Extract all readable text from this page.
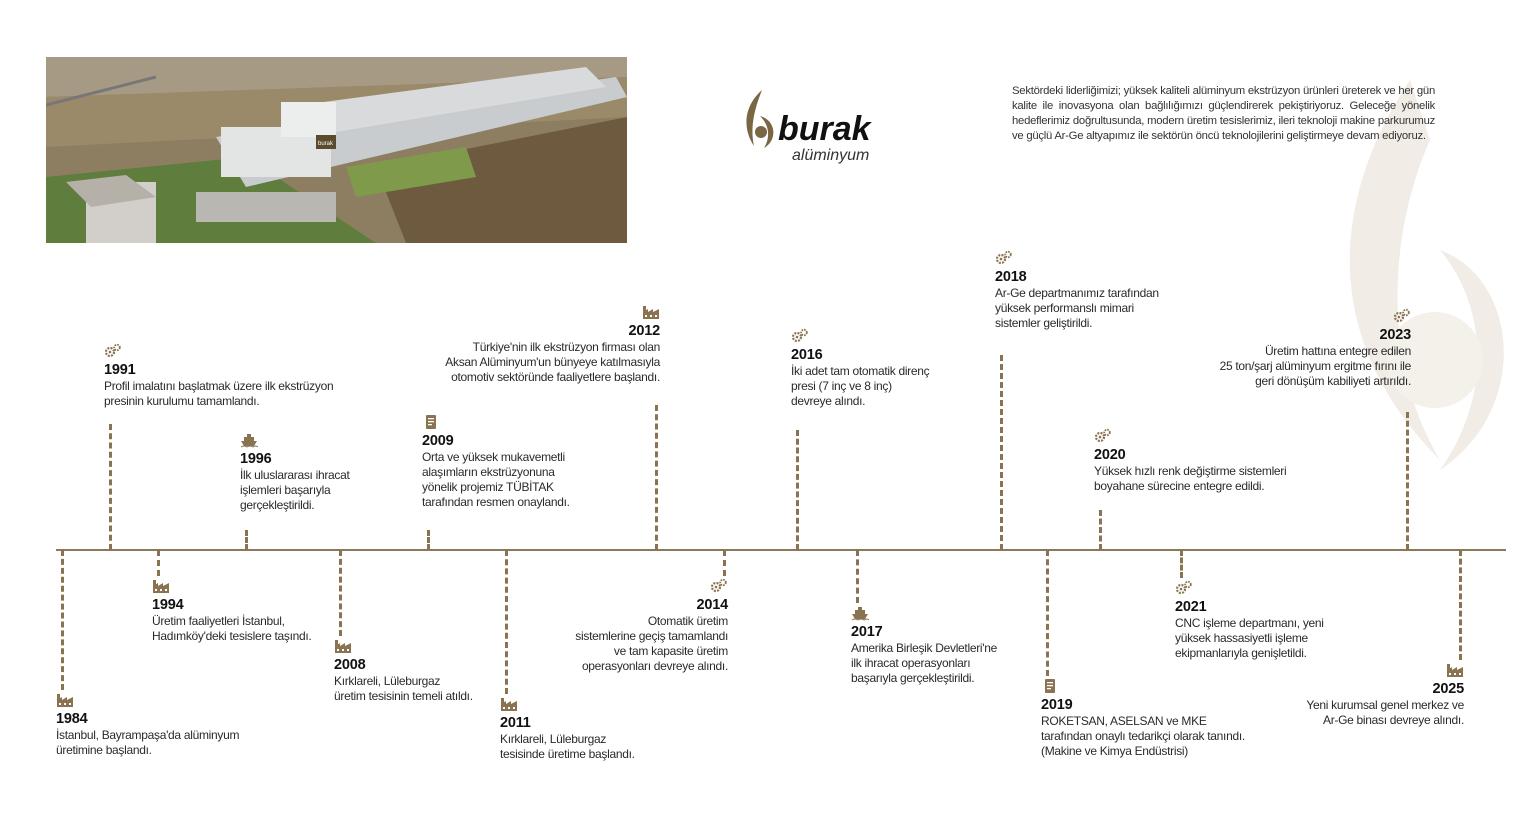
burak	burak
alüminyum
Sektördeki liderliğimizi; yüksek kaliteli alüminyum ekstrüzyon ürünleri üreterek ve her gün kalite ile inovasyona olan bağlılığımızı güçlendirerek pekiştiriyoruz. Geleceğe yönelik hedeflerimiz doğrultusunda, modern üretim tesislerimiz, ileri teknoloji makine parkurumuz ve güçlü Ar-Ge altyapımız ile sektörün öncü teknolojilerini geliştirmeye devam ediyoruz.
1984
İstanbul, Bayrampaşa'da alüminyum
üretimine başlandı.
1991
Profil imalatını başlatmak üzere ilk ekstrüzyon
presinin kurulumu tamamlandı.
1994
Üretim faaliyetleri İstanbul,
Hadımköy'deki tesislere taşındı.
1996
İlk uluslararası ihracat
işlemleri başarıyla
gerçekleştirildi.
2008
Kırklareli, Lüleburgaz
üretim tesisinin temeli atıldı.
2009
Orta ve yüksek mukavemetli
alaşımların ekstrüzyonuna
yönelik projemiz TÜBİTAK
tarafından resmen onaylandı.
2011
Kırklareli, Lüleburgaz
tesisinde üretime başlandı.
2012
Türkiye'nin ilk ekstrüzyon firması olan
Aksan Alüminyum'un bünyeye katılmasıyla
otomotiv sektöründe faaliyetlere başlandı.
2014
Otomatik üretim
sistemlerine geçiş tamamlandı
ve tam kapasite üretim
operasyonları devreye alındı.
2016
İki adet tam otomatik direnç
presi (7 inç ve 8 inç)
devreye alındı.
2017
Amerika Birleşik Devletleri'ne
ilk ihracat operasyonları
başarıyla gerçekleştirildi.
2018
Ar-Ge departmanımız tarafından
yüksek performanslı mimari
sistemler geliştirildi.
2019
ROKETSAN, ASELSAN ve MKE
tarafından onaylı tedarikçi olarak tanındı.
(Makine ve Kimya Endüstrisi)
2020
Yüksek hızlı renk değiştirme sistemleri
boyahane sürecine entegre edildi.
2021
CNC işleme departmanı, yeni
yüksek hassasiyetli işleme
ekipmanlarıyla genişletildi.
2023
Üretim hattına entegre edilen
25 ton/şarj alüminyum ergitme fırını ile
geri dönüşüm kabiliyeti artırıldı.
2025
Yeni kurumsal genel merkez ve
Ar-Ge binası devreye alındı.
